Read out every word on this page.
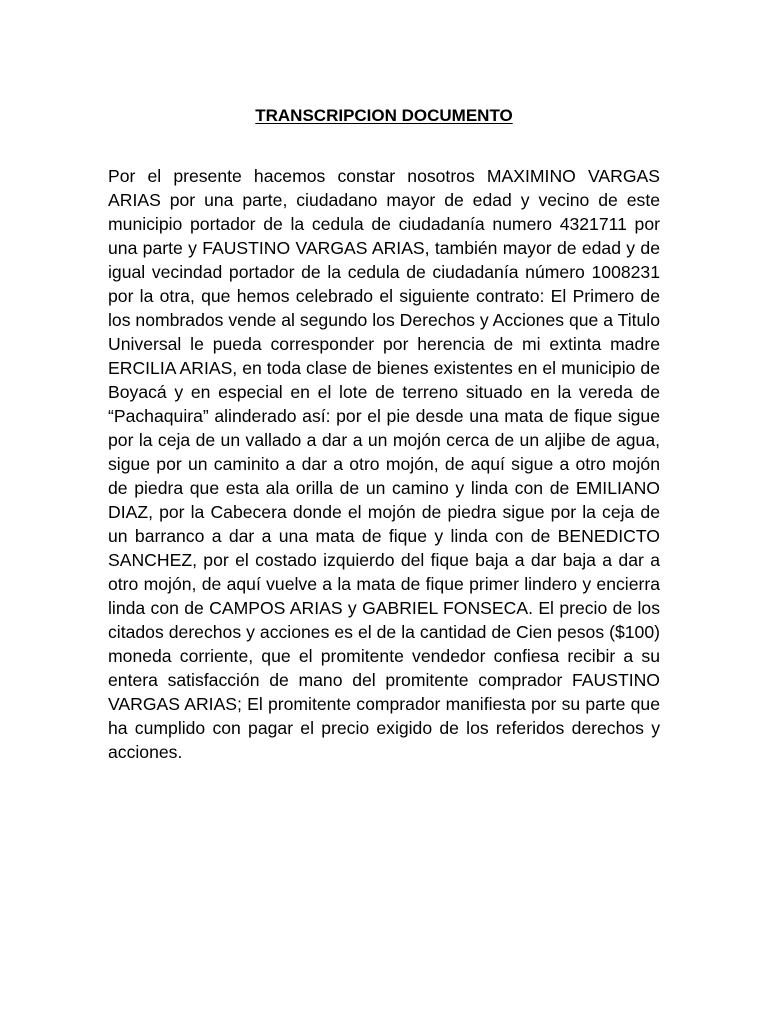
TRANSCRIPCION DOCUMENTO

Por el presente hacemos constar nosotros MAXIMINO VARGAS ARIAS por una parte, ciudadano mayor de edad y vecino de este municipio portador de la cedula de ciudadanía numero 4321711 por una parte y FAUSTINO VARGAS ARIAS, también mayor de edad y de igual vecindad portador de la cedula de ciudadanía número 1008231 por la otra, que hemos celebrado el siguiente contrato: El Primero de los nombrados vende al segundo los Derechos y Acciones que a Titulo Universal le pueda corresponder por herencia de mi extinta madre ERCILIA ARIAS, en toda clase de bienes existentes en el municipio de Boyacá y en especial en el lote de terreno situado en la vereda de “Pachaquira” alinderado así: por el pie desde una mata de fique sigue por la ceja de un vallado a dar a un mojón cerca de un aljibe de agua, sigue por un caminito a dar a otro mojón, de aquí sigue a otro mojón de piedra que esta ala orilla de un camino y linda con de EMILIANO DIAZ, por la Cabecera donde el mojón de piedra sigue por la ceja de un barranco a dar a una mata de fique y linda con de BENEDICTO SANCHEZ, por el costado izquierdo del fique baja a dar baja a dar a otro mojón, de aquí vuelve a la mata de fique primer lindero y encierra linda con de CAMPOS ARIAS y GABRIEL FONSECA. El precio de los citados derechos y acciones es el de la cantidad de Cien pesos ($100) moneda corriente, que el promitente vendedor confiesa recibir a su entera satisfacción de mano del promitente comprador FAUSTINO VARGAS ARIAS; El promitente comprador manifiesta por su parte que ha cumplido con pagar el precio exigido de los referidos derechos y acciones.
